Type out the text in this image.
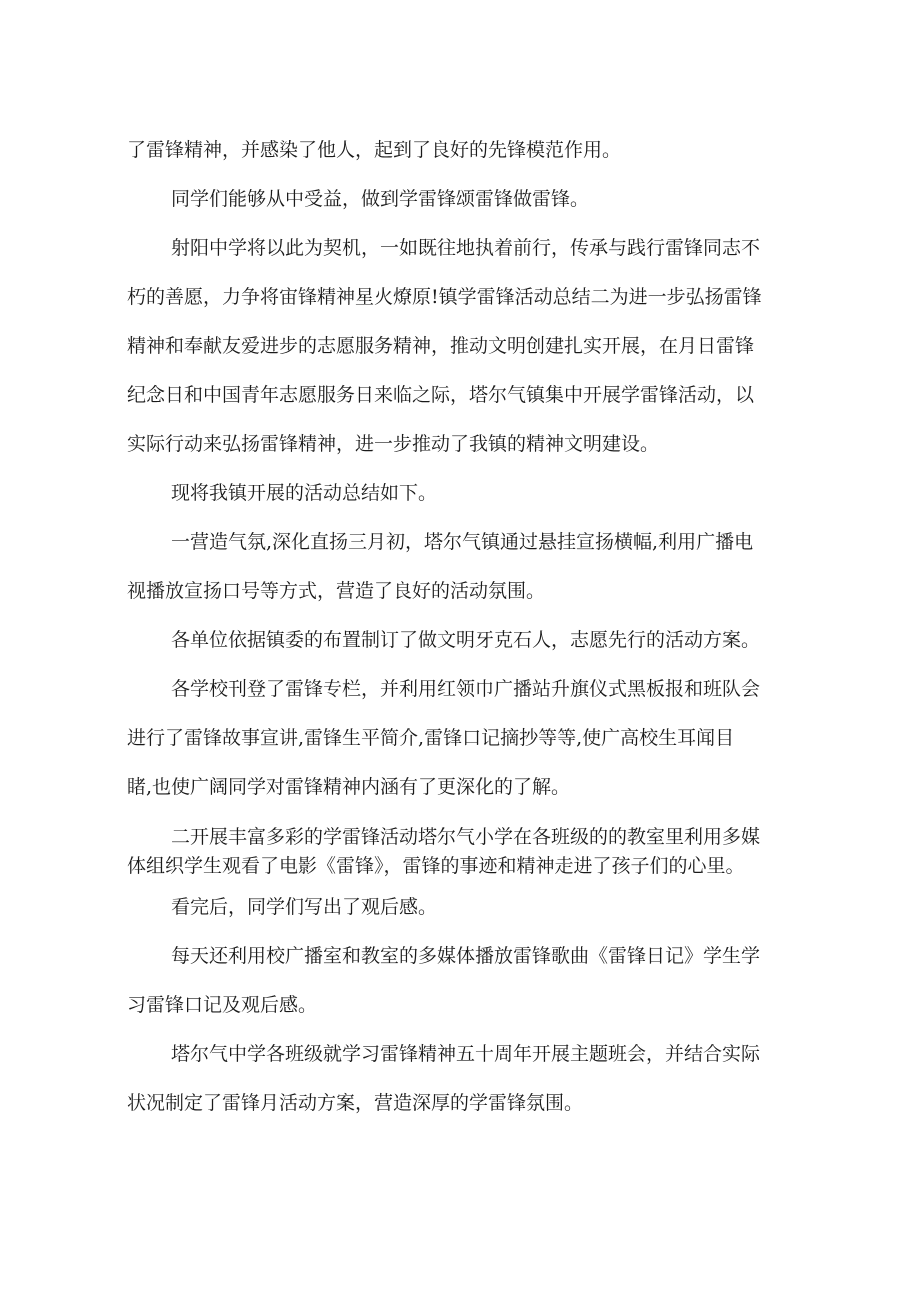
了雷锋精神，并感染了他人，起到了良好的先锋模范作用。
同学们能够从中受益，做到学雷锋颂雷锋做雷锋。
射阳中学将以此为契机，一如既往地执着前行，传承与践行雷锋同志不
朽的善愿，力争将宙锋精神星火燎原!镇学雷锋活动总结二为进一步弘扬雷锋
精神和奉献友爱进步的志愿服务精神，推动文明创建扎实开展，在月日雷锋
纪念日和中国青年志愿服务日来临之际，塔尔气镇集中开展学雷锋活动，以
实际行动来弘扬雷锋精神，进一步推动了我镇的精神文明建设。
现将我镇开展的活动总结如下。
一营造气氛,深化直扬三月初，塔尔气镇通过悬挂宣扬横幅,利用广播电
视播放宣扬口号等方式，营造了良好的活动氛围。
各单位依据镇委的布置制订了做文明牙克石人，志愿先行的活动方案。
各学校刊登了雷锋专栏，并利用红领巾广播站升旗仪式黑板报和班队会
进行了雷锋故事宣讲,雷锋生平简介,雷锋口记摘抄等等,使广高校生耳闻目
睹,也使广阔同学对雷锋精神内涵有了更深化的了解。
二开展丰富多彩的学雷锋活动塔尔气小学在各班级的的教室里利用多媒
体组织学生观看了电影《雷锋》，雷锋的事迹和精神走进了孩子们的心里。
看完后，同学们写出了观后感。
每天还利用校广播室和教室的多媒体播放雷锋歌曲《雷锋日记》学生学
习雷锋口记及观后感。
塔尔气中学各班级就学习雷锋精神五十周年开展主题班会，并结合实际
状况制定了雷锋月活动方案，营造深厚的学雷锋氛围。
